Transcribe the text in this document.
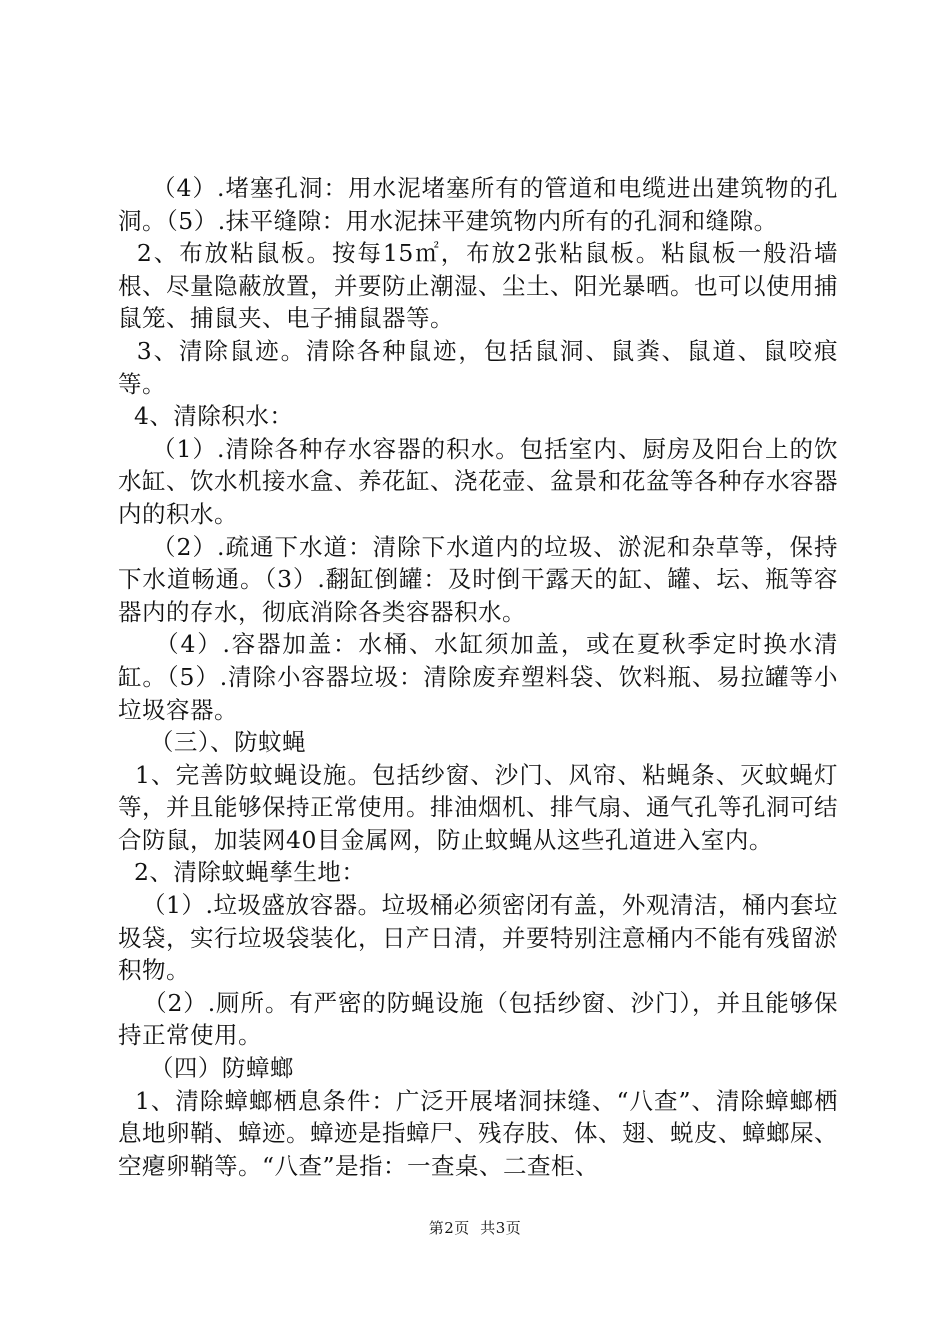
（4）.堵塞孔洞：用水泥堵塞所有的管道和电缆进出建筑物的孔洞。（5）.抹平缝隙：用水泥抹平建筑物内所有的孔洞和缝隙。

2、布放粘鼠板。按每15㎡，布放2张粘鼠板。粘鼠板一般沿墙根、尽量隐蔽放置，并要防止潮湿、尘土、阳光暴晒。也可以使用捕鼠笼、捕鼠夹、电子捕鼠器等。

3、清除鼠迹。清除各种鼠迹，包括鼠洞、鼠粪、鼠道、鼠咬痕等。

4、清除积水：

（1）.清除各种存水容器的积水。包括室内、厨房及阳台上的饮水缸、饮水机接水盒、养花缸、浇花壶、盆景和花盆等各种存水容器内的积水。

（2）.疏通下水道：清除下水道内的垃圾、淤泥和杂草等，保持下水道畅通。（3）.翻缸倒罐：及时倒干露天的缸、罐、坛、瓶等容器内的存水，彻底消除各类容器积水。

（4）.容器加盖：水桶、水缸须加盖，或在夏秋季定时换水清缸。（5）.清除小容器垃圾：清除废弃塑料袋、饮料瓶、易拉罐等小垃圾容器。

（三）、防蚊蝇

1、完善防蚊蝇设施。包括纱窗、沙门、风帘、粘蝇条、灭蚊蝇灯等，并且能够保持正常使用。排油烟机、排气扇、通气孔等孔洞可结合防鼠，加装网40目金属网，防止蚊蝇从这些孔道进入室内。

2、清除蚊蝇孳生地：

（1）.垃圾盛放容器。垃圾桶必须密闭有盖，外观清洁，桶内套垃圾袋，实行垃圾袋装化，日产日清，并要特别注意桶内不能有残留淤积物。

（2）.厕所。有严密的防蝇设施（包括纱窗、沙门），并且能够保持正常使用。

（四）防蟑螂

1、清除蟑螂栖息条件：广泛开展堵洞抹缝、“八查”、清除蟑螂栖息地卵鞘、蟑迹。蟑迹是指蟑尸、残存肢、体、翅、蜕皮、蟑螂屎、空瘪卵鞘等。“八查”是指：一查桌、二查柜、

第2页  共3页
